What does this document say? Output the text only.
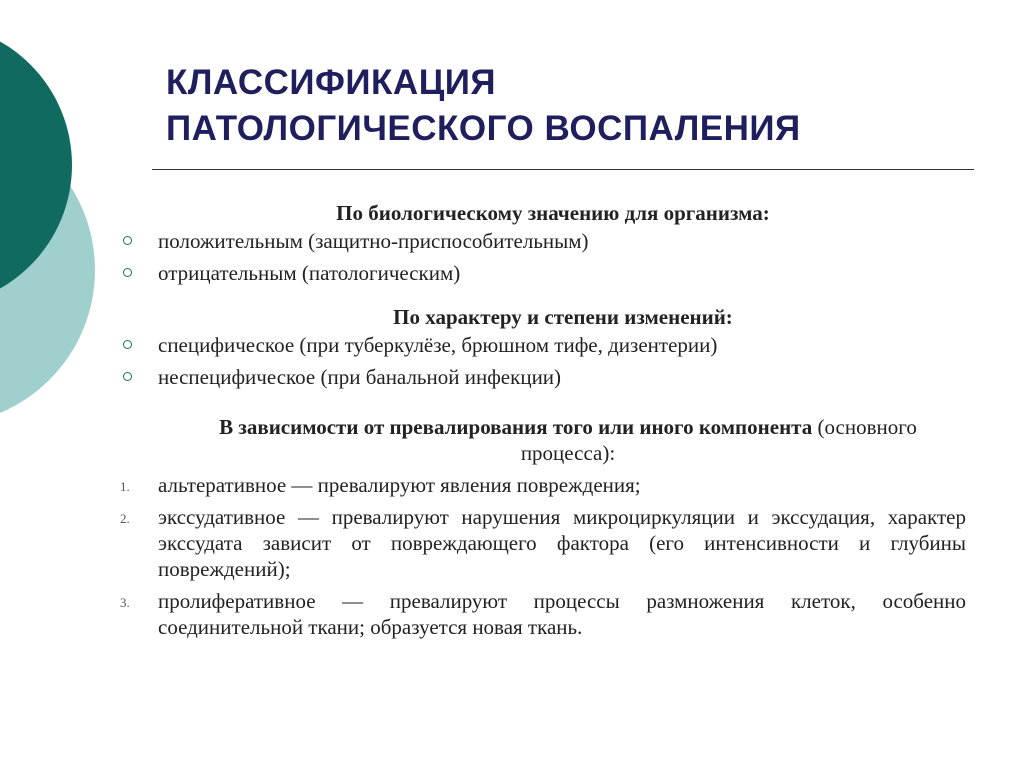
КЛАССИФИКАЦИЯ
ПАТОЛОГИЧЕСКОГО ВОСПАЛЕНИЯ

По биологическому значению для организма:

положительным (защитно-приспособительным)
отрицательным (патологическим)

По характеру и степени изменений:

специфическое (при туберкулёзе, брюшном тифе, дизентерии)
неспецифическое (при банальной инфекции)

В зависимости от превалирования того или иного компонента (основного процесса):

1. альтеративное — превалируют явления повреждения;
2. экссудативное — превалируют нарушения микроциркуляции и экссудация, характер экссудата зависит от повреждающего фактора (его интенсивности и глубины повреждений);
3. пролиферативное — превалируют процессы размножения клеток, особенно соединительной ткани; образуется новая ткань.
